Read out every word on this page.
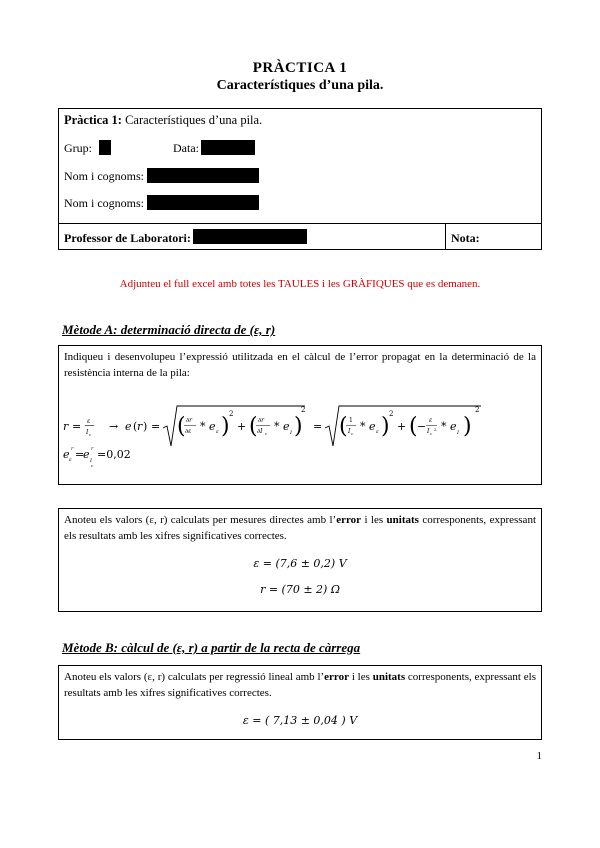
PRÀCTICA 1
Característiques d’una pila.
Pràctica 1: Característiques d’una pila.
Grup:	Data:
Nom i cognoms:
Nom i cognoms:
Professor de Laboratori:	Nota:
Adjunteu el full excel amb totes les TAULES i les GRÀFIQUES que es demanen.
Mètode A: determinació directa de (ε, r)
Indiqueu i desenvolupeu l’expressió utilitzada en el càlcul de l’error propagat en la determinació de la resistència interna de la pila:
r = ε
I c
→ e ( r ) = ( ∂r
∂ε * e ε ) 2
+ ( ∂r
∂I c
* e I )
2
= ( 1
I c
* e ε ) 2
+ ( − ε
I c
2 * e I )
2
e ε
r =
e I
c
r =0,02
Anoteu els valors (ε, r) calculats per mesures directes amb l’error i les unitats corresponents, expressant els resultats amb les xifres significatives correctes.
ε = (7,6 ± 0,2) V
r = (70 ± 2) Ω
Mètode B: càlcul de (ε, r) a partir de la recta de càrrega
Anoteu els valors (ε, r) calculats per regressió lineal amb l’error i les unitats corresponents, expressant els resultats amb les xifres significatives correctes.
ε = ( 7,13 ± 0,04 ) V
1
